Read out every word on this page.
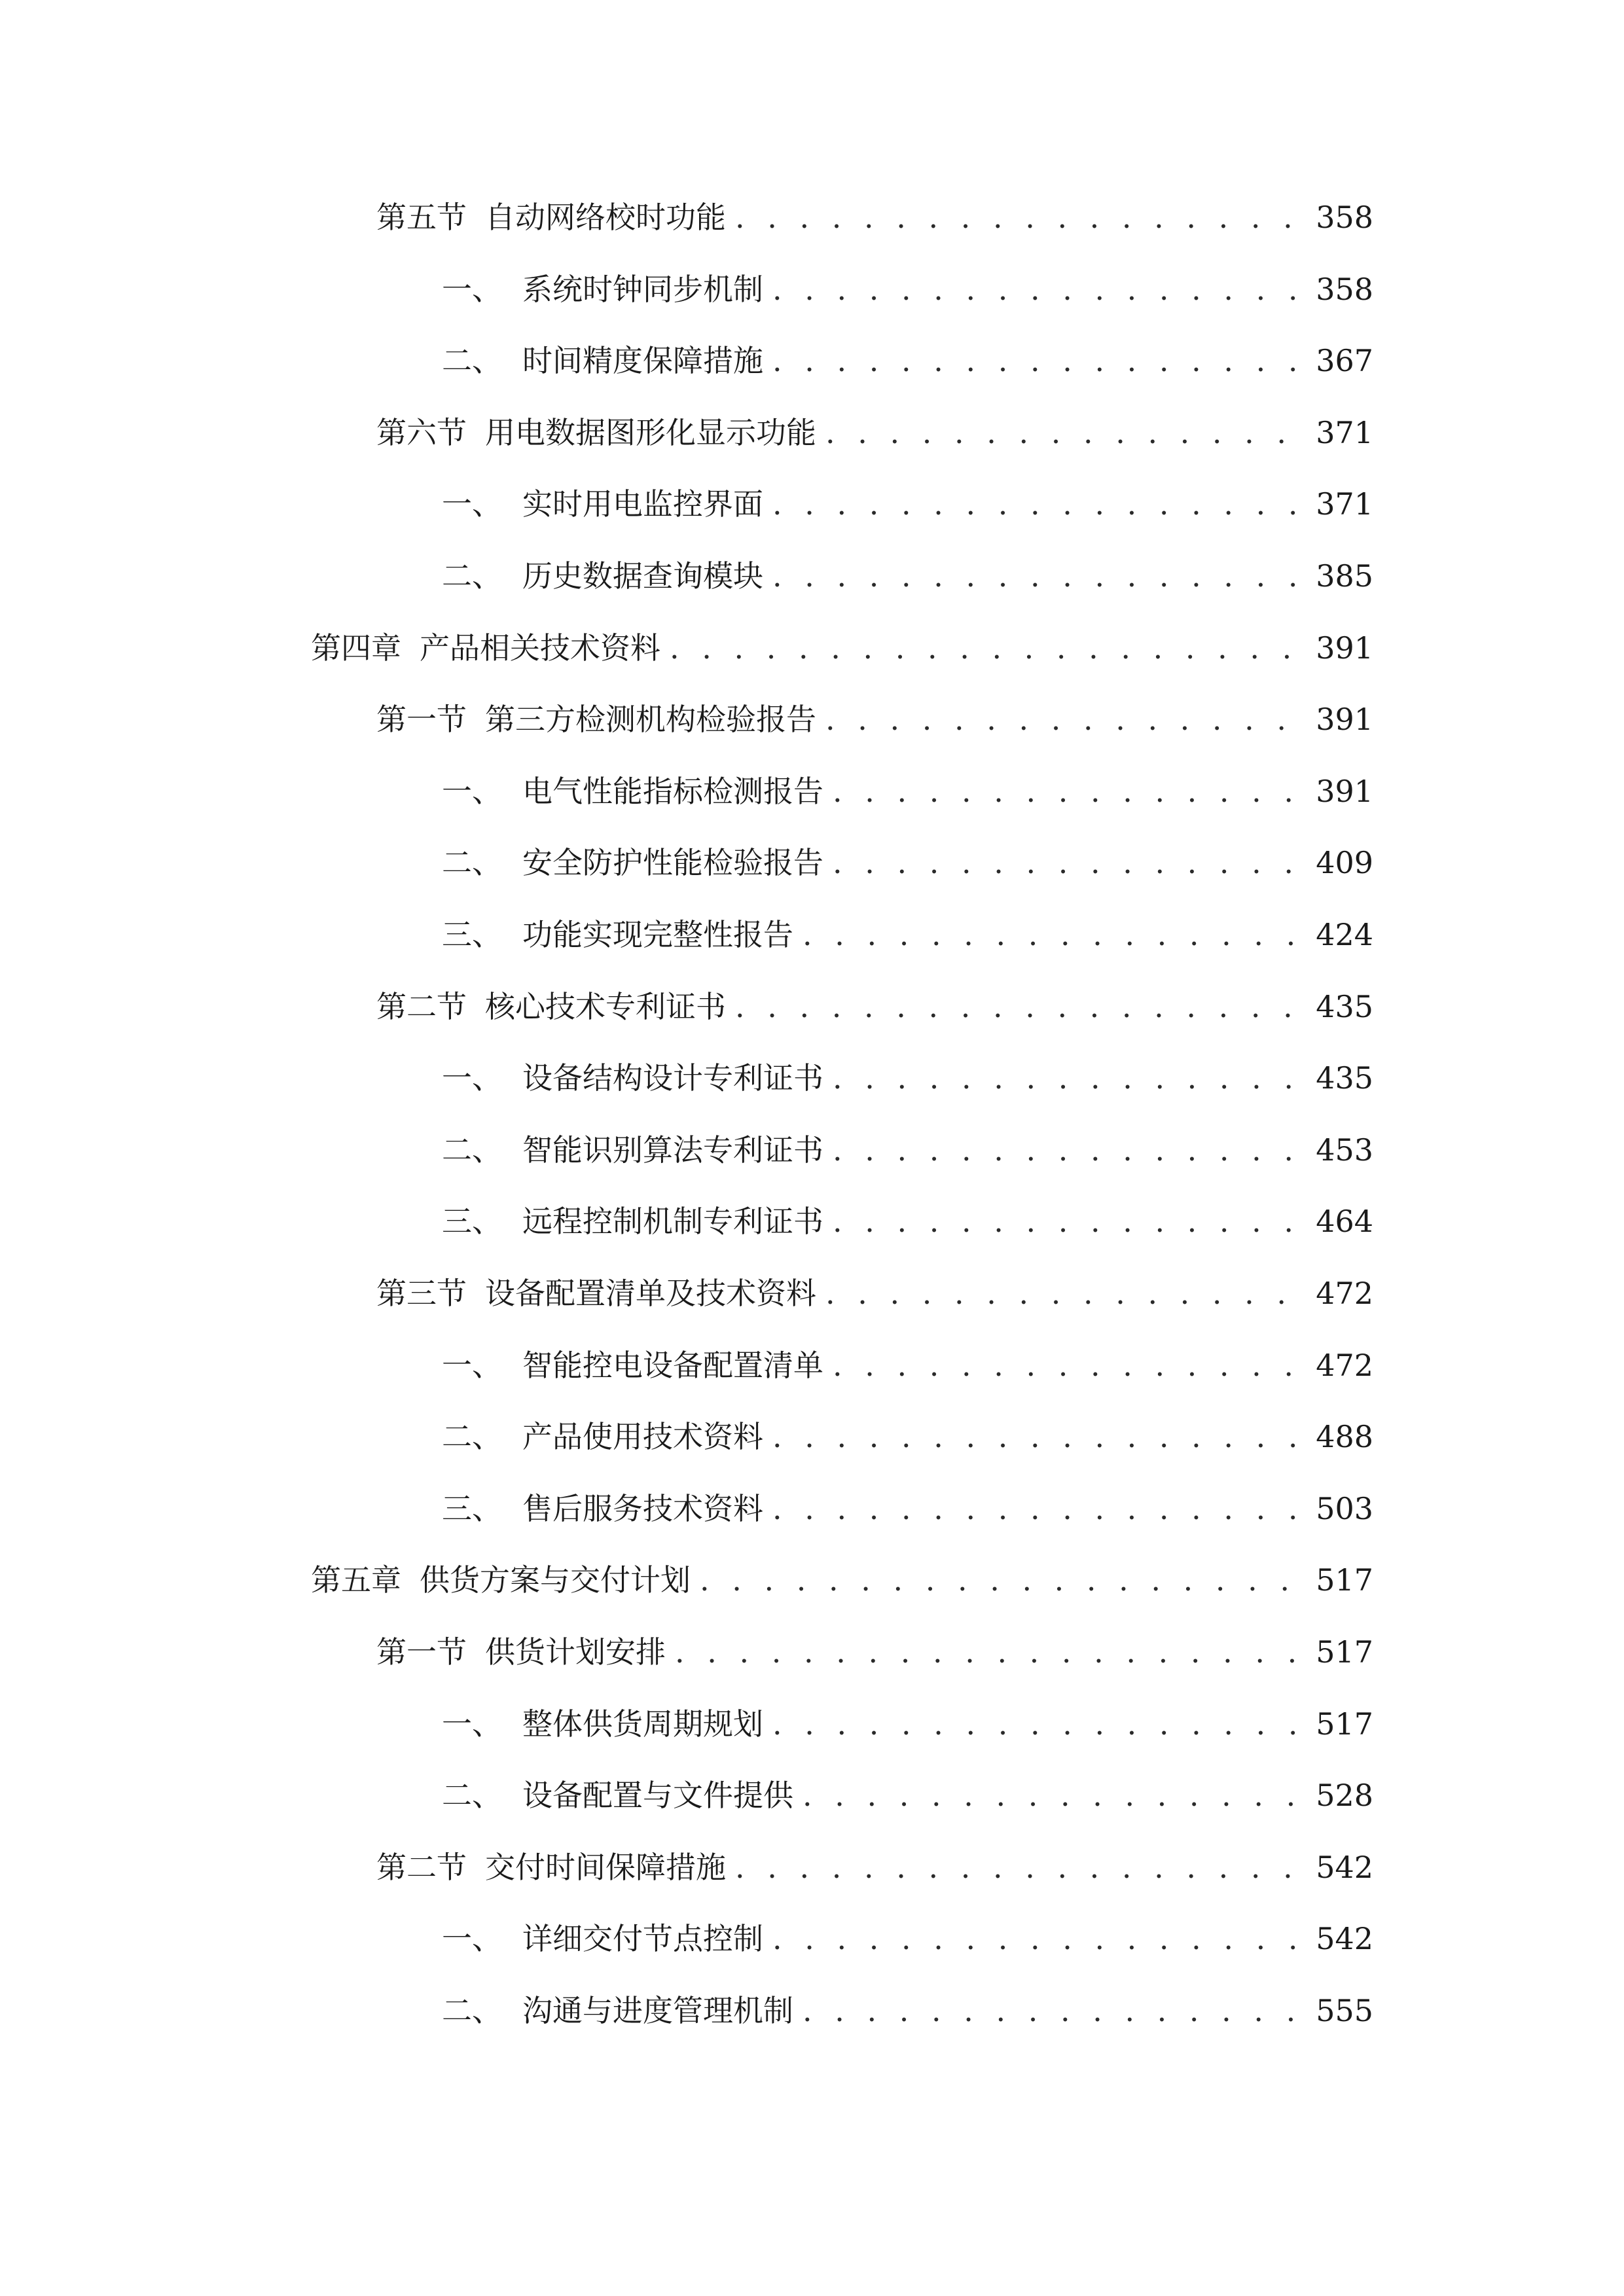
第五节 自动网络校时功能 . . .	358
一、 系统时钟同步机制 . . .	358
二、 时间精度保障措施 . . .	367
第六节 用电数据图形化显示功能 . . .	371
一、 实时用电监控界面 . . .	371
二、 历史数据查询模块 . . .	385
第四章 产品相关技术资料 . . .	391
第一节 第三方检测机构检验报告 . . .	391
一、 电气性能指标检测报告 . . .	391
二、 安全防护性能检验报告 . . .	409
三、 功能实现完整性报告 . . .	424
第二节 核心技术专利证书 . . .	435
一、 设备结构设计专利证书 . . .	435
二、 智能识别算法专利证书 . . .	453
三、 远程控制机制专利证书 . . .	464
第三节 设备配置清单及技术资料 . . .	472
一、 智能控电设备配置清单 . . .	472
二、 产品使用技术资料 . . .	488
三、 售后服务技术资料 . . .	503
第五章 供货方案与交付计划 . . .	517
第一节 供货计划安排 . . .	517
一、 整体供货周期规划 . . .	517
二、 设备配置与文件提供 . . .	528
第二节 交付时间保障措施 . . .	542
一、 详细交付节点控制 . . .	542
二、 沟通与进度管理机制 . . .	555
